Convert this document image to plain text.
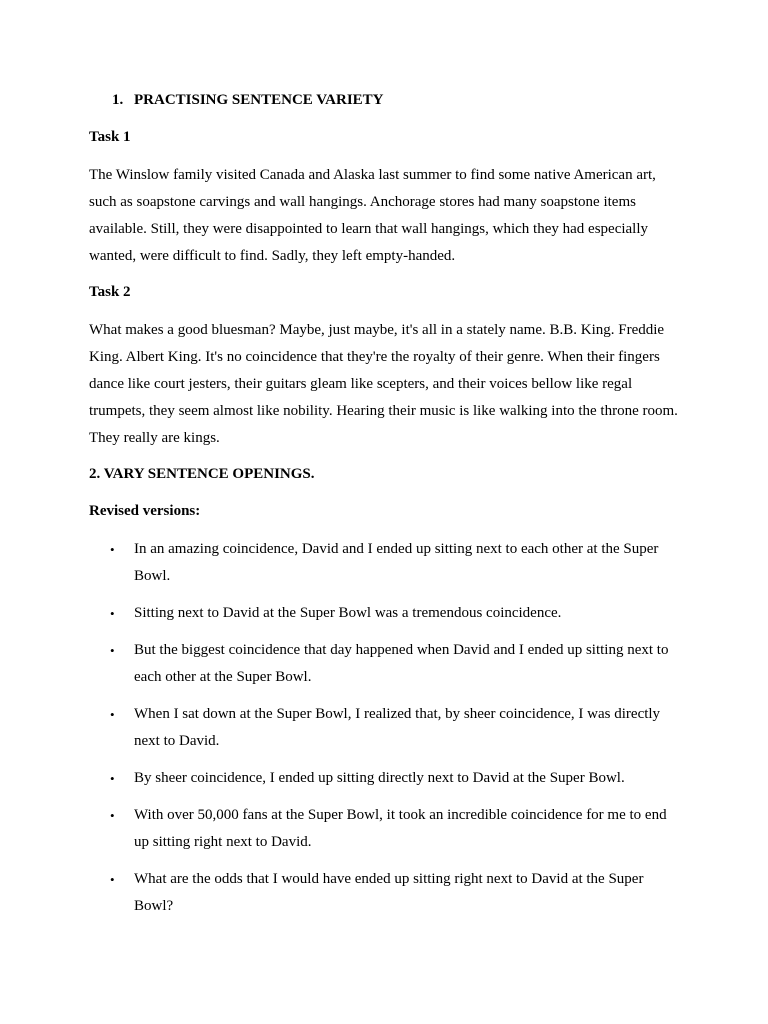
1. PRACTISING SENTENCE VARIETY
Task 1

The Winslow family visited Canada and Alaska last summer to find some native American art, such as soapstone carvings and wall hangings. Anchorage stores had many soapstone items available. Still, they were disappointed to learn that wall hangings, which they had especially wanted, were difficult to find. Sadly, they left empty-handed.

Task 2

What makes a good bluesman? Maybe, just maybe, it's all in a stately name. B.B. King. Freddie King. Albert King. It's no coincidence that they're the royalty of their genre. When their fingers dance like court jesters, their guitars gleam like scepters, and their voices bellow like regal trumpets, they seem almost like nobility. Hearing their music is like walking into the throne room. They really are kings.

2. VARY SENTENCE OPENINGS.
Revised versions:
• In an amazing coincidence, David and I ended up sitting next to each other at the Super Bowl.
• Sitting next to David at the Super Bowl was a tremendous coincidence.
• But the biggest coincidence that day happened when David and I ended up sitting next to each other at the Super Bowl.
• When I sat down at the Super Bowl, I realized that, by sheer coincidence, I was directly next to David.
• By sheer coincidence, I ended up sitting directly next to David at the Super Bowl.
• With over 50,000 fans at the Super Bowl, it took an incredible coincidence for me to end up sitting right next to David.
• What are the odds that I would have ended up sitting right next to David at the Super Bowl?
